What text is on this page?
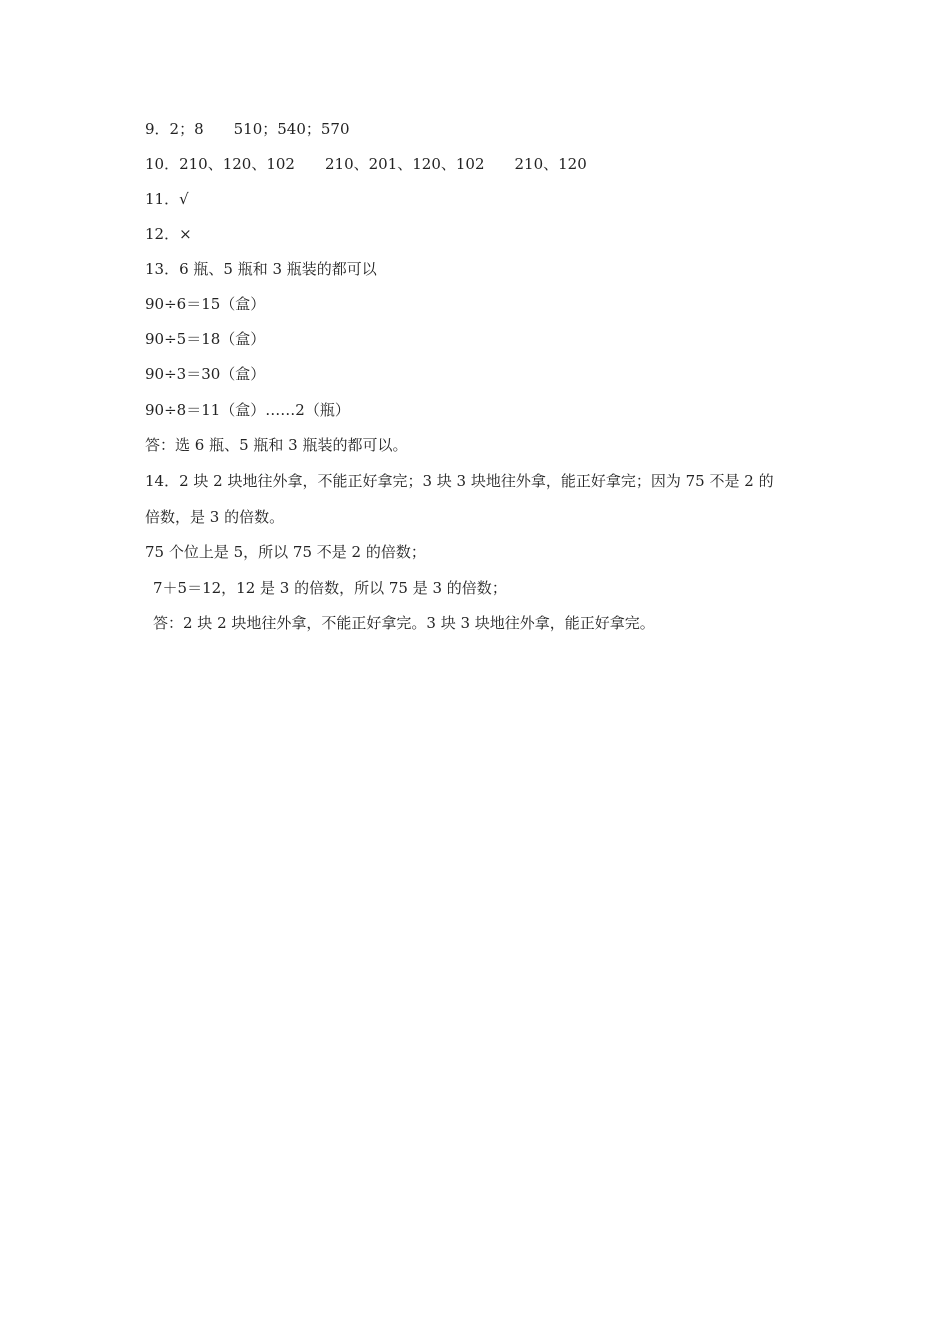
9．2；8　　510；540；570
10．210、120、102　　210、201、120、102　　210、120
11．√
12．×
13．6 瓶、5 瓶和 3 瓶装的都可以
90÷6＝15（盒）
90÷5＝18（盒）
90÷3＝30（盒）
90÷8＝11（盒）……2（瓶）
答：选 6 瓶、5 瓶和 3 瓶装的都可以。
14．2 块 2 块地往外拿，不能正好拿完；3 块 3 块地往外拿，能正好拿完；因为 75 不是 2 的
倍数，是 3 的倍数。
75 个位上是 5，所以 75 不是 2 的倍数；
7＋5＝12，12 是 3 的倍数，所以 75 是 3 的倍数；
答：2 块 2 块地往外拿，不能正好拿完。3 块 3 块地往外拿，能正好拿完。
